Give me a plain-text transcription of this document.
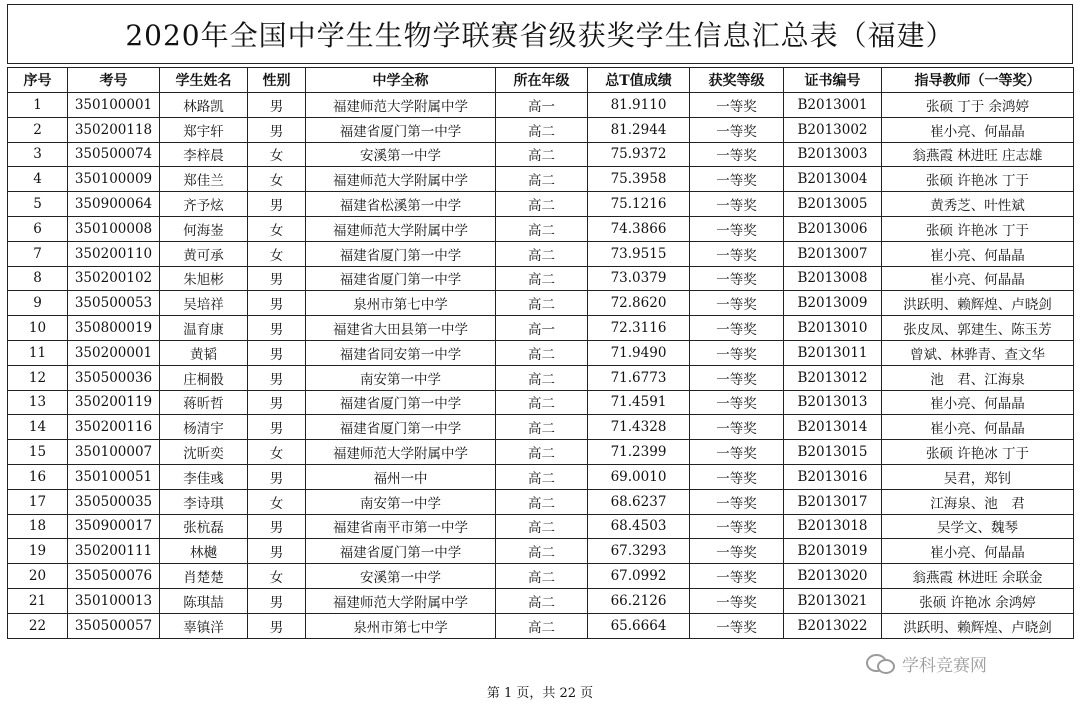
2020年全国中学生生物学联赛省级获奖学生信息汇总表（福建）
序号	考号	学生姓名	性别	中学全称	所在年级	总T值成绩	获奖等级	证书编号	指导教师（一等奖）
1	350100001	林路凯	男	福建师范大学附属中学	高一	81.9110	一等奖	B2013001	张硕 丁于 余鸿婷
2	350200118	郑宇轩	男	福建省厦门第一中学	高二	81.2944	一等奖	B2013002	崔小亮、何晶晶
3	350500074	李梓晨	女	安溪第一中学	高二	75.9372	一等奖	B2013003	翁燕霞 林进旺 庄志雄
4	350100009	郑佳兰	女	福建师范大学附属中学	高二	75.3958	一等奖	B2013004	张硕 许艳冰 丁于
5	350900064	齐予炫	男	福建省松溪第一中学	高二	75.1216	一等奖	B2013005	黄秀芝、叶性斌
6	350100008	何海崟	女	福建师范大学附属中学	高二	74.3866	一等奖	B2013006	张硕 许艳冰 丁于
7	350200110	黄可承	女	福建省厦门第一中学	高二	73.9515	一等奖	B2013007	崔小亮、何晶晶
8	350200102	朱旭彬	男	福建省厦门第一中学	高二	73.0379	一等奖	B2013008	崔小亮、何晶晶
9	350500053	吴培祥	男	泉州市第七中学	高二	72.8620	一等奖	B2013009	洪跃明、赖辉煌、卢晓剑
10	350800019	温育康	男	福建省大田县第一中学	高一	72.3116	一等奖	B2013010	张皮凤、郭建生、陈玉芳
11	350200001	黄韬	男	福建省同安第一中学	高二	71.9490	一等奖	B2013011	曾斌、林骅青、查文华
12	350500036	庄桐骰	男	南安第一中学	高二	71.6773	一等奖	B2013012	池　君、江海泉
13	350200119	蒋昕哲	男	福建省厦门第一中学	高二	71.4591	一等奖	B2013013	崔小亮、何晶晶
14	350200116	杨清宇	男	福建省厦门第一中学	高二	71.4328	一等奖	B2013014	崔小亮、何晶晶
15	350100007	沈昕奕	女	福建师范大学附属中学	高二	71.2399	一等奖	B2013015	张硕 许艳冰 丁于
16	350100051	李佳彧	男	福州一中	高二	69.0010	一等奖	B2013016	吴君，郑钊
17	350500035	李诗琪	女	南安第一中学	高二	68.6237	一等奖	B2013017	江海泉、池　君
18	350900017	张杭磊	男	福建省南平市第一中学	高二	68.4503	一等奖	B2013018	吴学文、魏琴
19	350200111	林樾	男	福建省厦门第一中学	高二	67.3293	一等奖	B2013019	崔小亮、何晶晶
20	350500076	肖楚楚	女	安溪第一中学	高二	67.0992	一等奖	B2013020	翁燕霞 林进旺 余联金
21	350100013	陈琪喆	男	福建师范大学附属中学	高二	66.2126	一等奖	B2013021	张硕 许艳冰 余鸿婷
22	350500057	辜镇洋	男	泉州市第七中学	高二	65.6664	一等奖	B2013022	洪跃明、赖辉煌、卢晓剑
学科竞赛网
第 1 页，共 22 页
